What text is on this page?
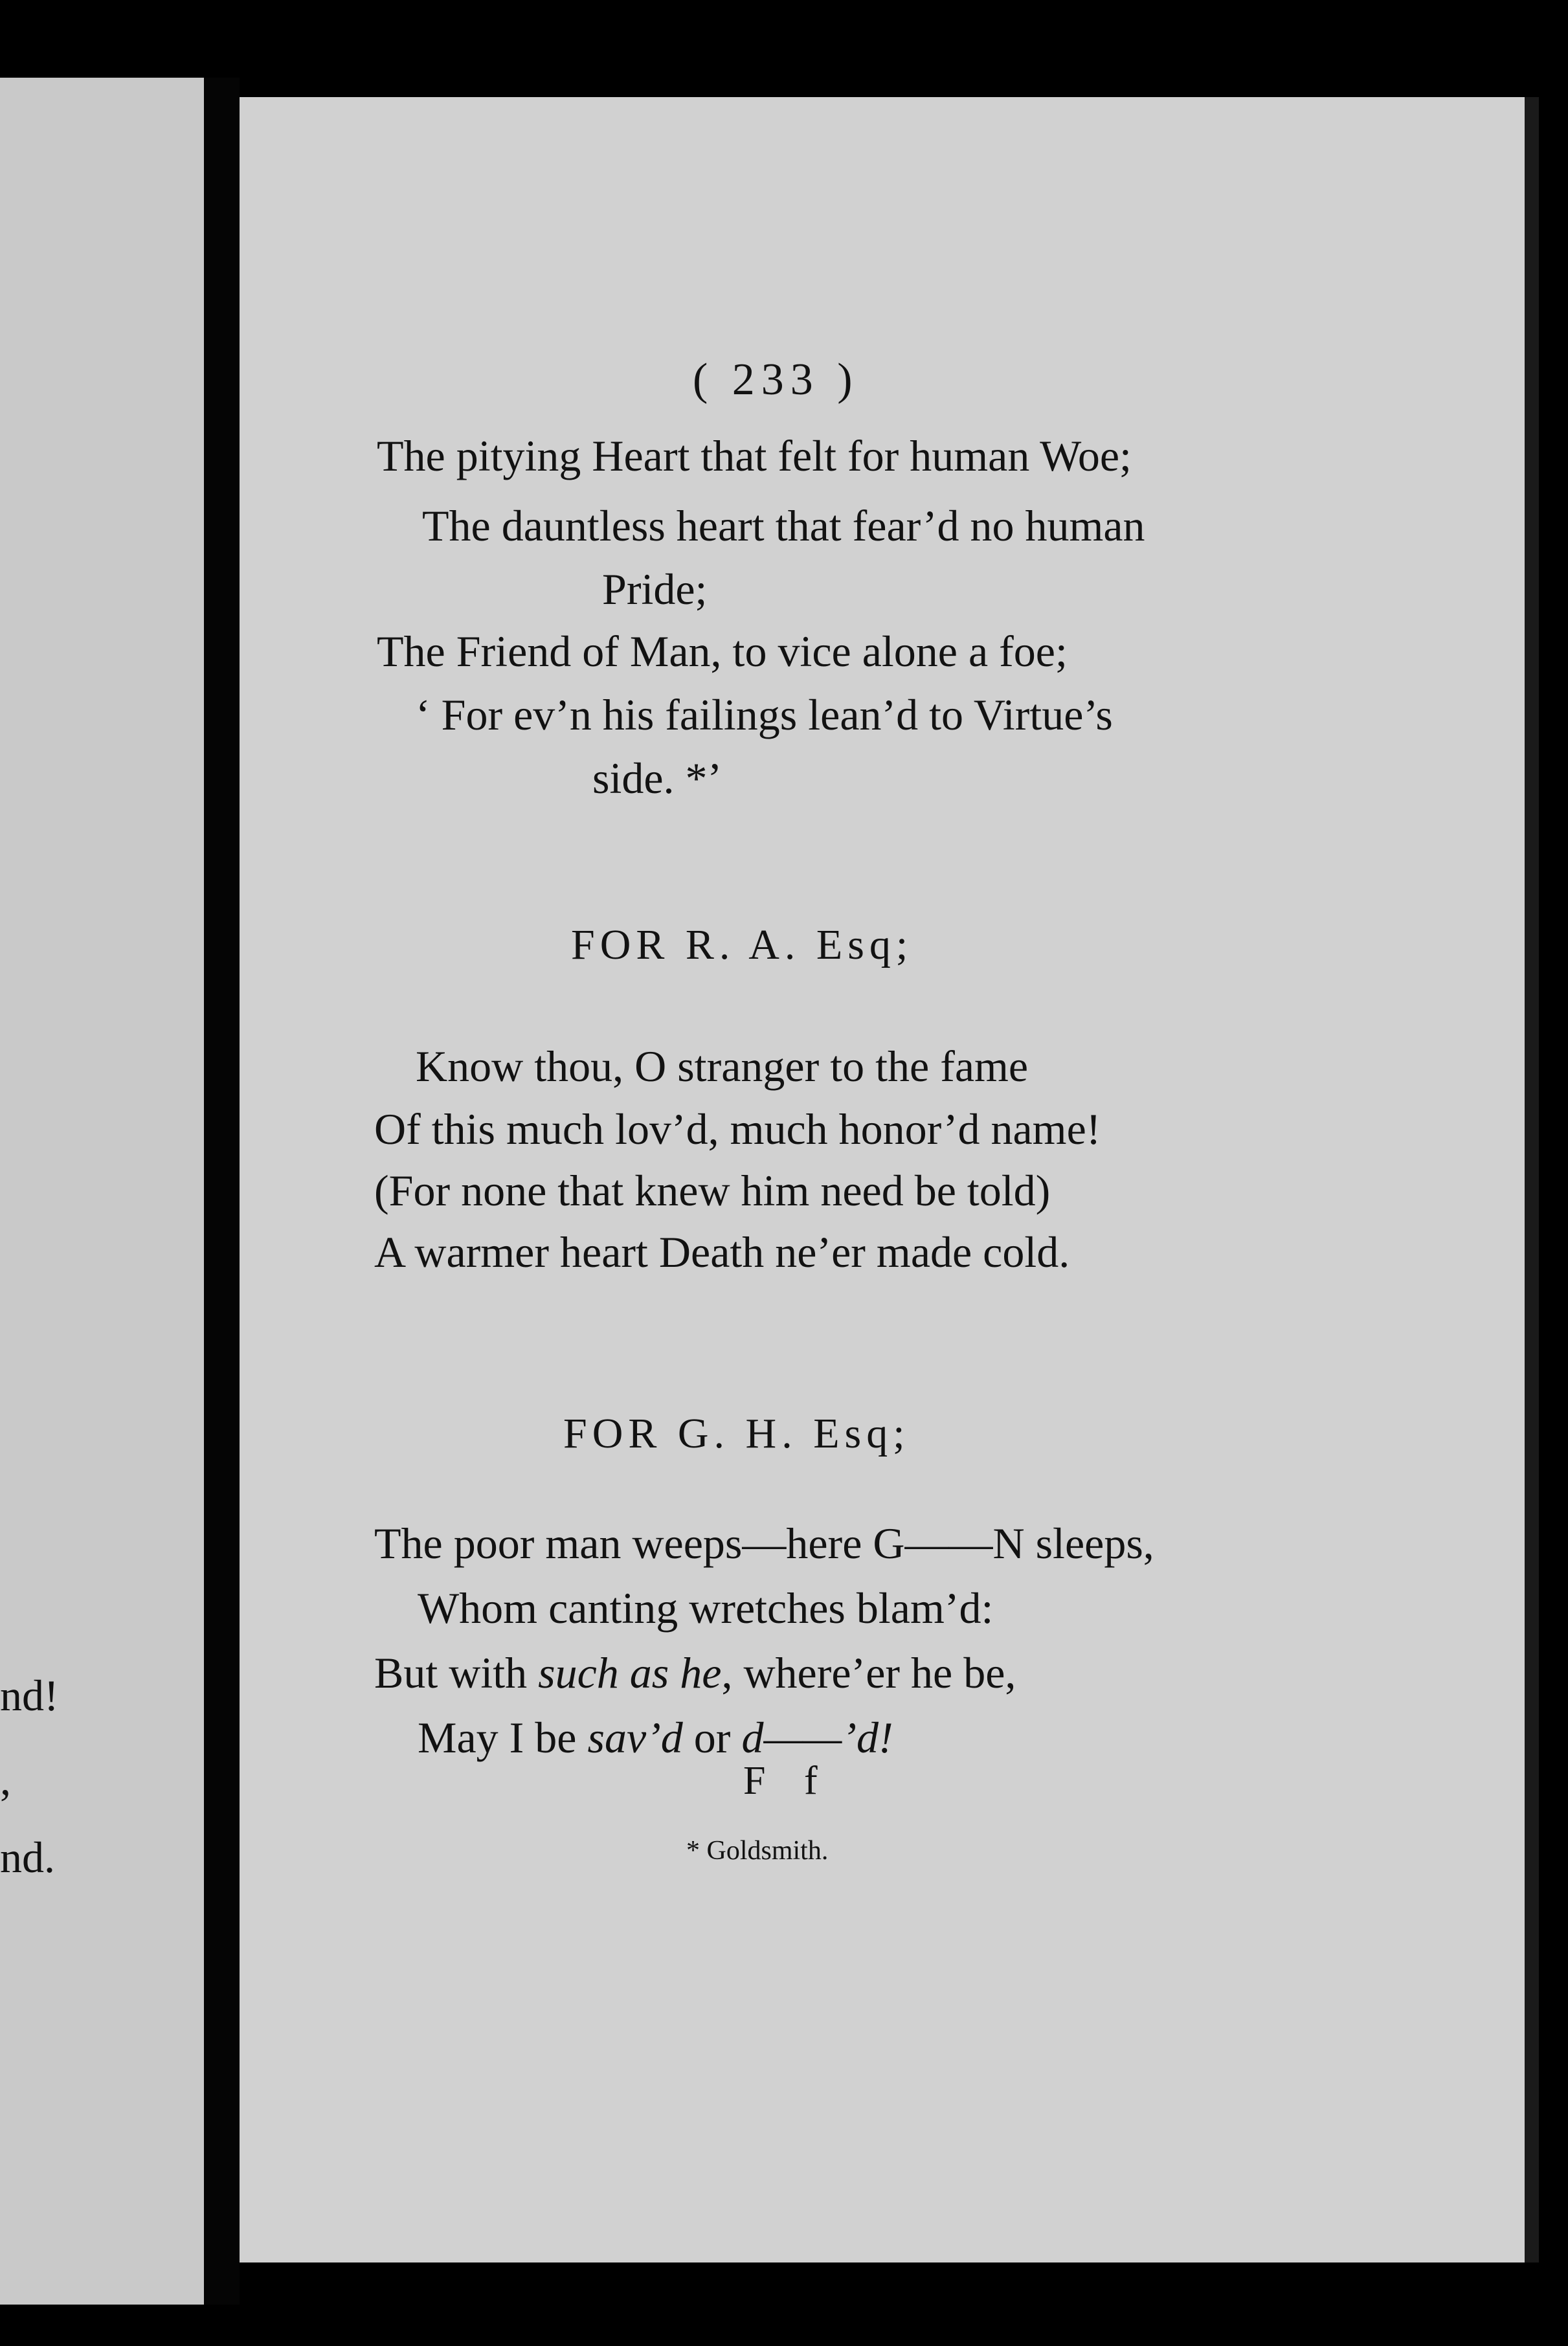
nd!
,
nd.
( 233 )
The pitying Heart that felt for human Woe;
The dauntless heart that fear’d no human
Pride;
The Friend of Man, to vice alone a foe;
‘ For ev’n his failings lean’d to Virtue’s
side. *’
FOR R. A. Esq;
Know thou, O stranger to the fame
Of this much lov’d, much honor’d name!
(For none that knew him need be told)
A warmer heart Death ne’er made cold.
FOR G. H. Esq;
The poor man weeps—here G——N sleeps,
Whom canting wretches blam’d:
But with such as he, where’er he be,
May I be sav’d or d——’d!
F f
* Goldsmith.
